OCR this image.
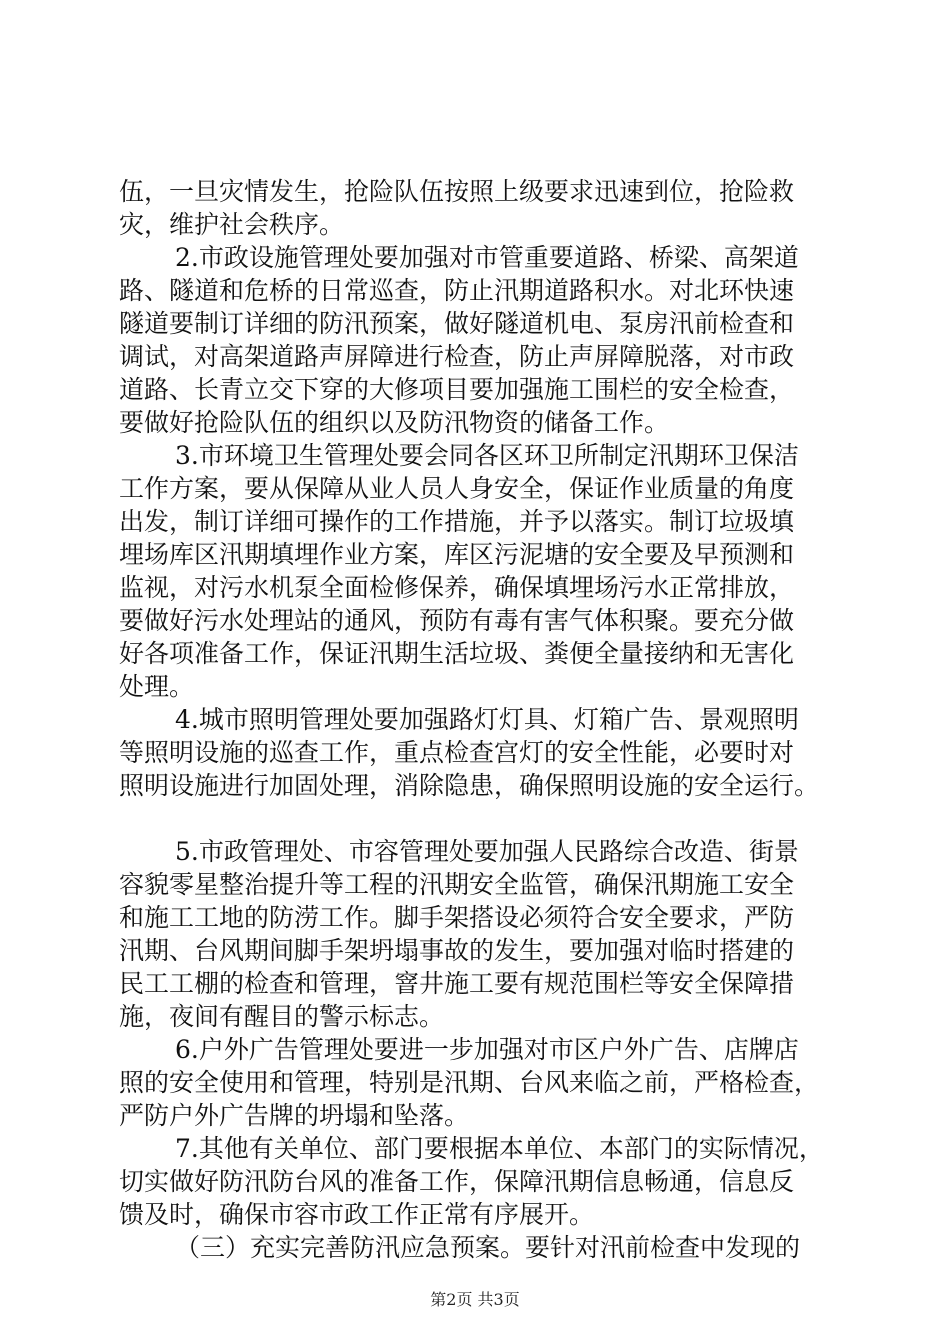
伍，一旦灾情发生，抢险队伍按照上级要求迅速到位，抢险救
灾，维护社会秩序。
2.市政设施管理处要加强对市管重要道路、桥梁、高架道
路、隧道和危桥的日常巡查，防止汛期道路积水。对北环快速
隧道要制订详细的防汛预案，做好隧道机电、泵房汛前检查和
调试，对高架道路声屏障进行检查，防止声屏障脱落，对市政
道路、长青立交下穿的大修项目要加强施工围栏的安全检查，
要做好抢险队伍的组织以及防汛物资的储备工作。
3.市环境卫生管理处要会同各区环卫所制定汛期环卫保洁
工作方案，要从保障从业人员人身安全，保证作业质量的角度
出发，制订详细可操作的工作措施，并予以落实。制订垃圾填
埋场库区汛期填埋作业方案，库区污泥塘的安全要及早预测和
监视，对污水机泵全面检修保养，确保填埋场污水正常排放，
要做好污水处理站的通风，预防有毒有害气体积聚。要充分做
好各项准备工作，保证汛期生活垃圾、粪便全量接纳和无害化
处理。
4.城市照明管理处要加强路灯灯具、灯箱广告、景观照明
等照明设施的巡查工作，重点检查宫灯的安全性能，必要时对
照明设施进行加固处理，消除隐患，确保照明设施的安全运行。
5.市政管理处、市容管理处要加强人民路综合改造、街景
容貌零星整治提升等工程的汛期安全监管，确保汛期施工安全
和施工工地的防涝工作。脚手架搭设必须符合安全要求，严防
汛期、台风期间脚手架坍塌事故的发生，要加强对临时搭建的
民工工棚的检查和管理，窨井施工要有规范围栏等安全保障措
施，夜间有醒目的警示标志。
6.户外广告管理处要进一步加强对市区户外广告、店牌店
照的安全使用和管理，特别是汛期、台风来临之前，严格检查，
严防户外广告牌的坍塌和坠落。
7.其他有关单位、部门要根据本单位、本部门的实际情况，
切实做好防汛防台风的准备工作，保障汛期信息畅通，信息反
馈及时，确保市容市政工作正常有序展开。
（三）充实完善防汛应急预案。要针对汛前检查中发现的
第2页 共3页
